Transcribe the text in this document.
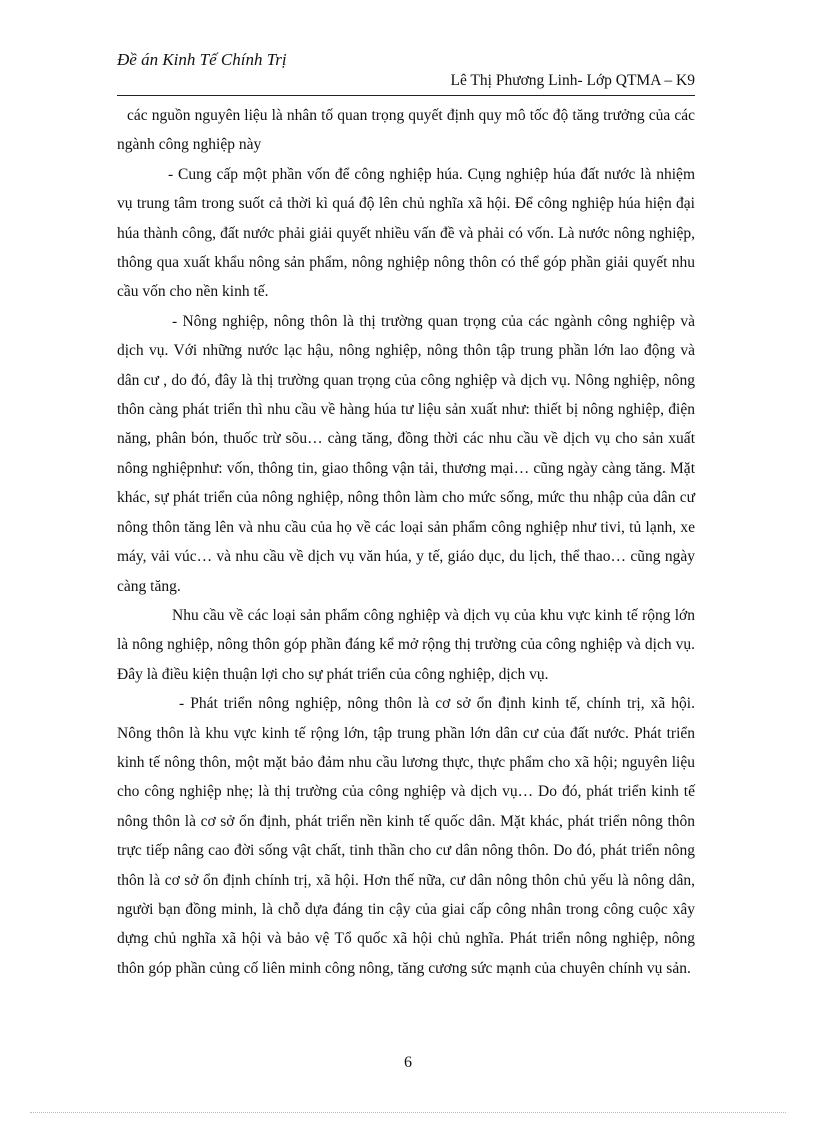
Đề án Kinh Tế Chính Trị
Lê Thị Phương Linh- Lớp QTMA – K9

các nguồn nguyên liệu là nhân tố quan trọng quyết định quy mô tốc độ tăng trưởng của các ngành công nghiệp này

- Cung cấp một phần vốn để công nghiệp húa. Cụng nghiệp húa đất nước là nhiệm vụ trung tâm trong suốt cả thời kì quá độ lên chủ nghĩa xã hội. Để công nghiệp húa hiện đại húa thành công, đất nước phải giải quyết nhiều vấn đề và phải có vốn. Là nước nông nghiệp, thông qua xuất khẩu nông sản phẩm, nông nghiệp nông thôn có thể góp phần giải quyết nhu cầu vốn cho nền kinh tế.

- Nông nghiệp, nông thôn là thị trường quan trọng của các ngành công nghiệp và dịch vụ. Với những nước lạc hậu, nông nghiệp, nông thôn tập trung phần lớn lao động và dân cư , do đó, đây là thị trường quan trọng của công nghiệp và dịch vụ. Nông nghiệp, nông thôn càng phát triển thì nhu cầu về hàng húa tư liệu sản xuất như: thiết bị nông nghiệp, điện năng, phân bón, thuốc trừ sõu… càng tăng, đồng thời các nhu cầu về dịch vụ cho sản xuất nông nghiệpnhư: vốn, thông tin, giao thông vận tải, thương mại… cũng ngày càng tăng. Mặt khác, sự phát triển của nông nghiệp, nông thôn làm cho mức sống, mức thu nhập của dân cư nông thôn tăng lên và nhu cầu của họ về các loại sản phẩm công nghiệp như tivi, tủ lạnh, xe máy, vải vúc… và nhu cầu về dịch vụ văn húa, y tế, giáo dục, du lịch, thể thao… cũng ngày càng tăng.

Nhu cầu về các loại sản phẩm công nghiệp và dịch vụ của khu vực kinh tế rộng lớn là nông nghiệp, nông thôn góp phần đáng kể mở rộng thị trường của công nghiệp và dịch vụ. Đây là điều kiện thuận lợi cho sự phát triển của công nghiệp, dịch vụ.

- Phát triển nông nghiệp, nông thôn là cơ sở ổn định kinh tế, chính trị, xã hội. Nông thôn là khu vực kinh tế rộng lớn, tập trung phần lớn dân cư của đất nước. Phát triển kinh tế nông thôn, một mặt bảo đảm nhu cầu lương thực, thực phẩm cho xã hội; nguyên liệu cho công nghiệp nhẹ; là thị trường của công nghiệp và dịch vụ… Do đó, phát triển kinh tế nông thôn là cơ sở ổn định, phát triển nền kinh tế quốc dân. Mặt khác, phát triển nông thôn trực tiếp nâng cao đời sống vật chất, tinh thần cho cư dân nông thôn. Do đó, phát triển nông thôn là cơ sở ổn định chính trị, xã hội. Hơn thế nữa, cư dân nông thôn chủ yếu là nông dân, người bạn đồng minh, là chỗ dựa đáng tin cậy của giai cấp công nhân trong công cuộc xây dựng chủ nghĩa xã hội và bảo vệ Tổ quốc xã hội chủ nghĩa. Phát triển nông nghiệp, nông thôn góp phần củng cố liên minh công nông, tăng cương sức mạnh của chuyên chính vụ sản.

6
